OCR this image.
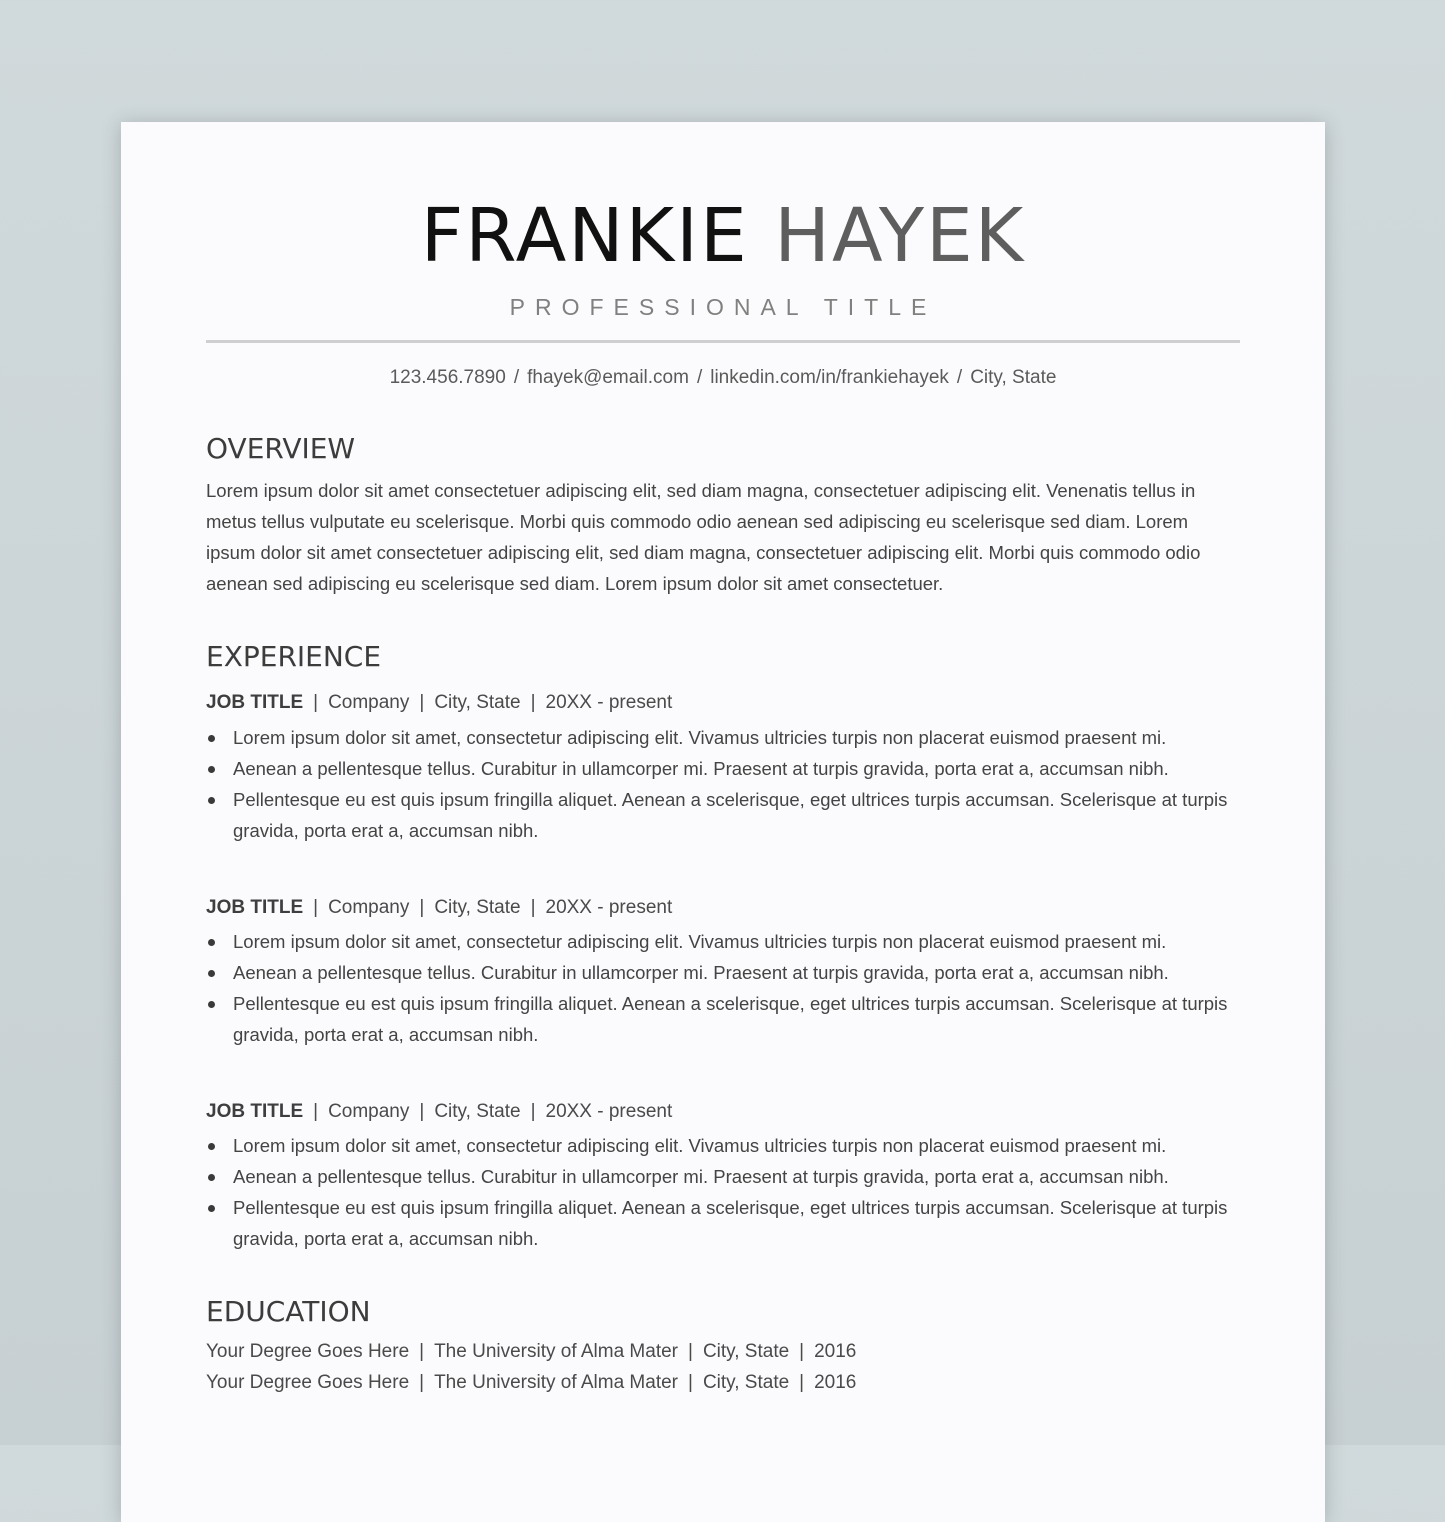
FRANKIE HAYEK
PROFESSIONAL TITLE
123.456.7890 / fhayek@email.com / linkedin.com/in/frankiehayek / City, State
OVERVIEW
Lorem ipsum dolor sit amet consectetuer adipiscing elit, sed diam magna, consectetuer adipiscing elit. Venenatis tellus in metus tellus vulputate eu scelerisque. Morbi quis commodo odio aenean sed adipiscing eu scelerisque sed diam. Lorem ipsum dolor sit amet consectetuer adipiscing elit, sed diam magna, consectetuer adipiscing elit. Morbi quis commodo odio aenean sed adipiscing eu scelerisque sed diam. Lorem ipsum dolor sit amet consectetuer.
EXPERIENCE
JOB TITLE | Company | City, State | 20XX - present
Lorem ipsum dolor sit amet, consectetur adipiscing elit. Vivamus ultricies turpis non placerat euismod praesent mi.
Aenean a pellentesque tellus. Curabitur in ullamcorper mi. Praesent at turpis gravida, porta erat a, accumsan nibh.
Pellentesque eu est quis ipsum fringilla aliquet. Aenean a scelerisque, eget ultrices turpis accumsan. Scelerisque at turpis gravida, porta erat a, accumsan nibh.
JOB TITLE | Company | City, State | 20XX - present
Lorem ipsum dolor sit amet, consectetur adipiscing elit. Vivamus ultricies turpis non placerat euismod praesent mi.
Aenean a pellentesque tellus. Curabitur in ullamcorper mi. Praesent at turpis gravida, porta erat a, accumsan nibh.
Pellentesque eu est quis ipsum fringilla aliquet. Aenean a scelerisque, eget ultrices turpis accumsan. Scelerisque at turpis gravida, porta erat a, accumsan nibh.
JOB TITLE | Company | City, State | 20XX - present
Lorem ipsum dolor sit amet, consectetur adipiscing elit. Vivamus ultricies turpis non placerat euismod praesent mi.
Aenean a pellentesque tellus. Curabitur in ullamcorper mi. Praesent at turpis gravida, porta erat a, accumsan nibh.
Pellentesque eu est quis ipsum fringilla aliquet. Aenean a scelerisque, eget ultrices turpis accumsan. Scelerisque at turpis gravida, porta erat a, accumsan nibh.
EDUCATION
Your Degree Goes Here | The University of Alma Mater | City, State | 2016
Your Degree Goes Here | The University of Alma Mater | City, State | 2016
